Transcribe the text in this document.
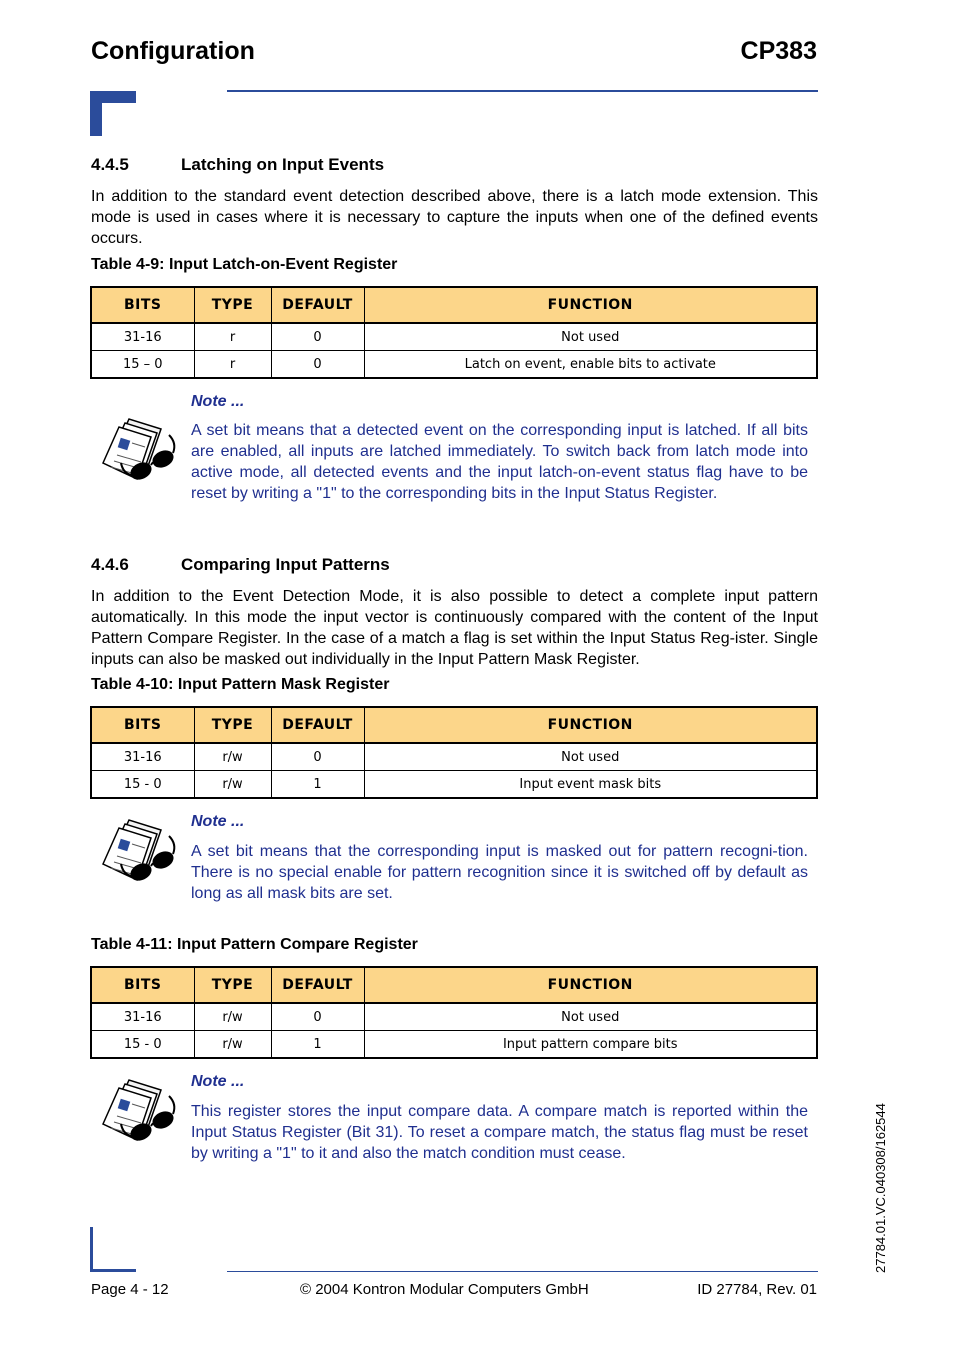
Configuration	CP383
4.4.5	Latching on Input Events
In addition to the standard event detection described above, there is a latch mode extension. This mode is used in cases where it is necessary to capture the inputs when one of the defined events occurs.
Table 4-9: Input Latch-on-Event Register
BITS	TYPE	DEFAULT	FUNCTION
31-16	r	0	Not used
15 – 0	r	0	Latch on event, enable bits to activate
Note ...
A set bit means that a detected event on the corresponding input is latched. If all bits are enabled, all inputs are latched immediately. To switch back from latch mode into active mode, all detected events and the input latch-on-event status flag have to be reset by writing a "1" to the corresponding bits in the Input Status Register.
4.4.6	Comparing Input Patterns
In addition to the Event Detection Mode, it is also possible to detect a complete input pattern automatically. In this mode the input vector is continuously compared with the content of the Input Pattern Compare Register. In the case of a match a flag is set within the Input Status Reg-ister. Single inputs can also be masked out individually in the Input Pattern Mask Register.
Table 4-10: Input Pattern Mask Register
BITS	TYPE	DEFAULT	FUNCTION
31-16	r/w	0	Not used
15 - 0	r/w	1	Input event mask bits
Note ...
A set bit means that the corresponding input is masked out for pattern recogni-tion. There is no special enable for pattern recognition since it is switched off by default as long as all mask bits are set.
Table 4-11: Input Pattern Compare Register
BITS	TYPE	DEFAULT	FUNCTION
31-16	r/w	0	Not used
15 - 0	r/w	1	Input pattern compare bits
Note ...
This register stores the input compare data. A compare match is reported within the Input Status Register (Bit 31). To reset a compare match, the status flag must be reset by writing a "1" to it and also the match condition must cease.
Page 4 - 12	© 2004 Kontron Modular Computers GmbH	ID 27784, Rev. 01
27784.01.VC.040308/162544
